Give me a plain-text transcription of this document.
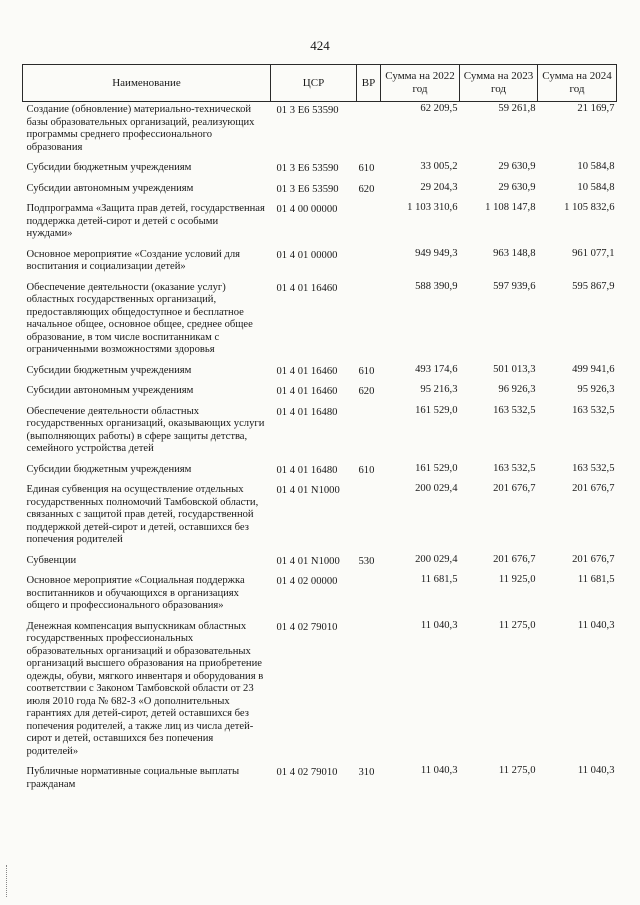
424
Наименование	ЦСР	ВР	Сумма на 2022 год	Сумма на 2023 год	Сумма на 2024 год
Создание (обновление) материально-технической базы образовательных организаций, реализующих программы среднего профессионального образования	01 3 Е6 53590		62 209,5	59 261,8	21 169,7
Субсидии бюджетным учреждениям	01 3 Е6 53590	610	33 005,2	29 630,9	10 584,8
Субсидии автономным учреждениям	01 3 Е6 53590	620	29 204,3	29 630,9	10 584,8
Подпрограмма «Защита прав детей, государственная поддержка детей-сирот и детей с особыми нуждами»	01 4 00 00000		1 103 310,6	1 108 147,8	1 105 832,6
Основное мероприятие «Создание условий для воспитания и социализации детей»	01 4 01 00000		949 949,3	963 148,8	961 077,1
Обеспечение деятельности (оказание услуг) областных государственных организаций, предоставляющих общедоступное и бесплатное начальное общее, основное общее, среднее общее образование, в том числе воспитанникам с ограниченными возможностями здоровья	01 4 01 16460		588 390,9	597 939,6	595 867,9
Субсидии бюджетным учреждениям	01 4 01 16460	610	493 174,6	501 013,3	499 941,6
Субсидии автономным учреждениям	01 4 01 16460	620	95 216,3	96 926,3	95 926,3
Обеспечение деятельности областных государственных организаций, оказывающих услуги (выполняющих работы) в сфере защиты детства, семейного устройства детей	01 4 01 16480		161 529,0	163 532,5	163 532,5
Субсидии бюджетным учреждениям	01 4 01 16480	610	161 529,0	163 532,5	163 532,5
Единая субвенция на осуществление отдельных государственных полномочий Тамбовской области, связанных с защитой прав детей, государственной поддержкой детей-сирот и детей, оставшихся без попечения родителей	01 4 01 N1000		200 029,4	201 676,7	201 676,7
Субвенции	01 4 01 N1000	530	200 029,4	201 676,7	201 676,7
Основное мероприятие «Социальная поддержка воспитанников и обучающихся в организациях общего и профессионального образования»	01 4 02 00000		11 681,5	11 925,0	11 681,5
Денежная компенсация выпускникам областных государственных профессиональных образовательных организаций и образовательных организаций высшего образования на приобретение одежды, обуви, мягкого инвентаря и оборудования в соответствии с Законом Тамбовской области от 23 июля 2010 года № 682-З «О дополнительных гарантиях для детей-сирот, детей оставшихся без попечения родителей, а также лиц из числа детей-сирот и детей, оставшихся без попечения родителей»	01 4 02 79010		11 040,3	11 275,0	11 040,3
Публичные нормативные социальные выплаты гражданам	01 4 02 79010	310	11 040,3	11 275,0	11 040,3
